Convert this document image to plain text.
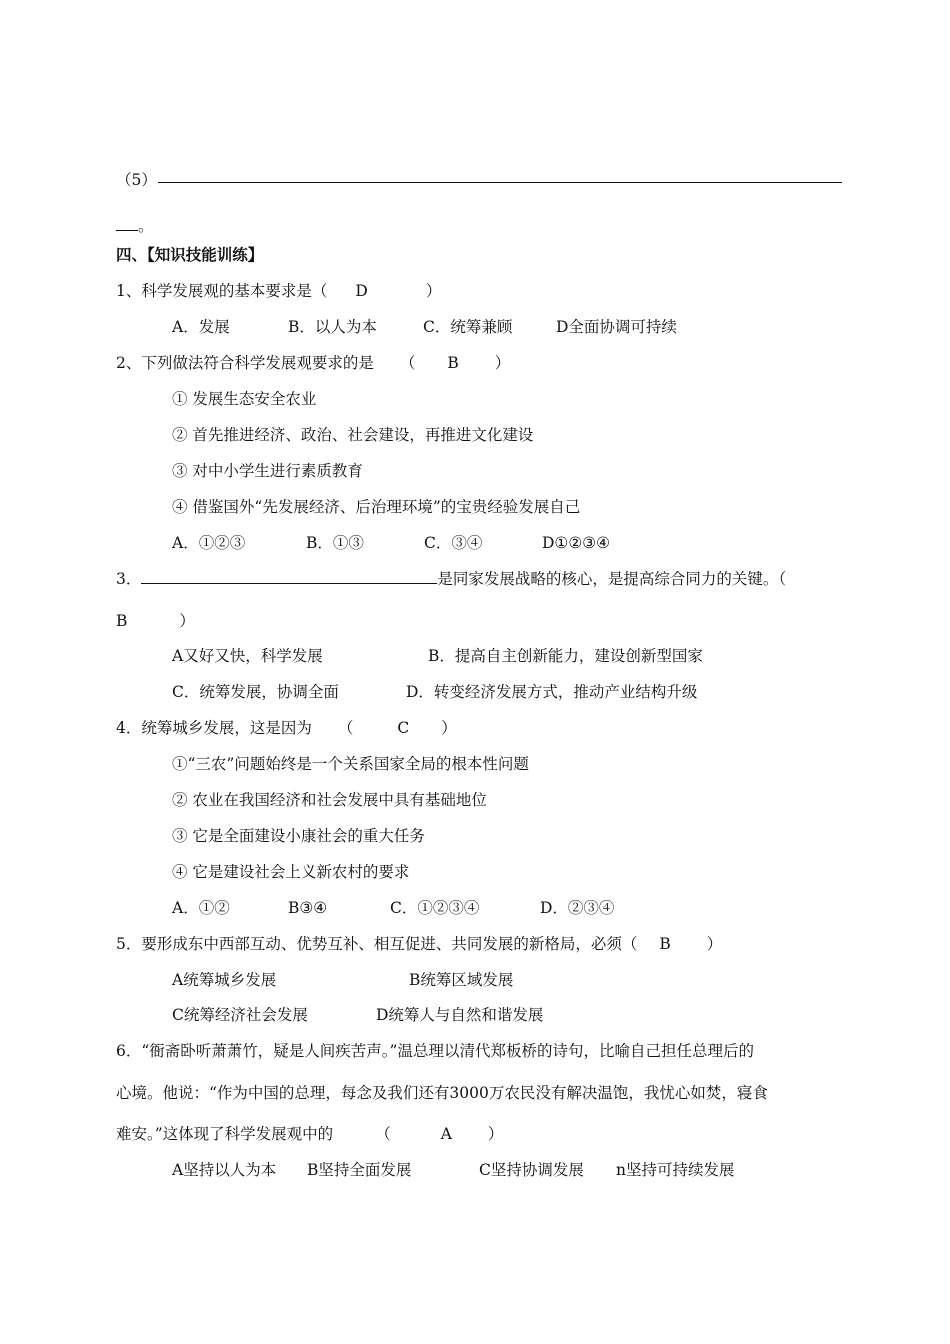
（5）
。
四、【知识技能训练】
1、科学发展观的基本要求是（ D	）
A．发展	B．以人为本	C．统筹兼顾	D全面协调可持续
2、下列做法符合科学发展观要求的是 （ B ）
① 发展生态安全农业
② 首先推进经济、政治、社会建设，再推进文化建设
③ 对中小学生进行素质教育
④ 借鉴国外“先发展经济、后治理环境”的宝贵经验发展自己
A．①②③	B．①③	C．③④	D①②③④
3．	是同家发展战略的核心，是提高综合同力的关键。（
B	）
A又好又快，科学发展	B．提高自主创新能力，建设创新型国家
C．统筹发展，协调全面	D．转变经济发展方式，推动产业结构升级
4．统筹城乡发展，这是因为 （	C ）
①“三农”问题始终是一个关系国家全局的根本性问题
② 农业在我国经济和社会发展中具有基础地位
③ 它是全面建设小康社会的重大任务
④ 它是建设社会上义新农村的要求
A．①②	B③④	C．①②③④	D．②③④
5．要形成东中西部互动、优势互补、相互促进、共同发展的新格局，必须（ B ）
A统筹城乡发展	B统筹区域发展
C统筹经济社会发展	D统筹人与自然和谐发展
6．“衙斋卧听萧萧竹，疑是人间疾苦声。”温总理以清代郑板桥的诗句，比喻自己担任总理后的
心境。他说：“作为中国的总理，每念及我们还有3000万农民没有解决温饱，我忧心如焚，寝食
难安。”这体现了科学发展观中的	（	A ）
A坚持以人为本 B坚持全面发展	C坚持协调发展 n坚持可持续发展
